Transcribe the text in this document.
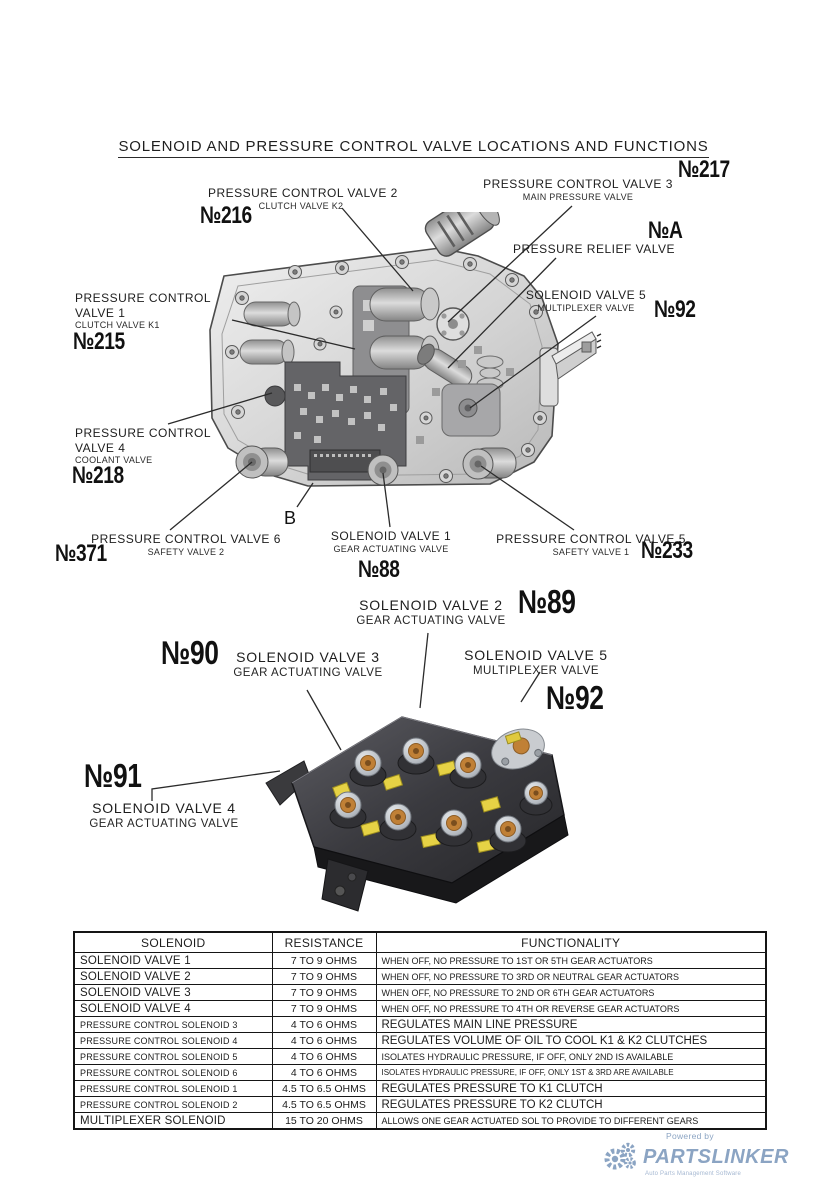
SOLENOID AND PRESSURE CONTROL VALVE LOCATIONS AND FUNCTIONS
PRESSURE CONTROL VALVE 2
CLUTCH VALVE K2
№216
PRESSURE CONTROL VALVE 3
MAIN PRESSURE VALVE
№217
PRESSURE RELIEF VALVE
№A
SOLENOID VALVE 5
MULTIPLEXER VALVE №92
PRESSURE CONTROL
VALVE 1
CLUTCH VALVE K1
№215
PRESSURE CONTROL
VALVE 4
COOLANT VALVE
№218
B
PRESSURE CONTROL VALVE 6
SAFETY VALVE 2
№371
SOLENOID VALVE 1
GEAR ACTUATING VALVE
№88
PRESSURE CONTROL VALVE 5
SAFETY VALVE 1 №233
SOLENOID VALVE 2
GEAR ACTUATING VALVE
№89
№90	SOLENOID VALVE 3
GEAR ACTUATING VALVE
SOLENOID VALVE 5
MULTIPLEXER VALVE
№92
№91
SOLENOID VALVE 4
GEAR ACTUATING VALVE
SOLENOID	RESISTANCE	FUNCTIONALITY
SOLENOID VALVE 1	7 TO 9 OHMS	WHEN OFF, NO PRESSURE TO 1ST OR 5TH GEAR ACTUATORS
SOLENOID VALVE 2	7 TO 9 OHMS	WHEN OFF, NO PRESSURE TO 3RD OR NEUTRAL GEAR ACTUATORS
SOLENOID VALVE 3	7 TO 9 OHMS	WHEN OFF, NO PRESSURE TO 2ND OR 6TH GEAR ACTUATORS
SOLENOID VALVE 4	7 TO 9 OHMS	WHEN OFF, NO PRESSURE TO 4TH OR REVERSE GEAR ACTUATORS
PRESSURE CONTROL SOLENOID 3	4 TO 6 OHMS	REGULATES MAIN LINE PRESSURE
PRESSURE CONTROL SOLENOID 4	4 TO 6 OHMS	REGULATES VOLUME OF OIL TO COOL K1 & K2 CLUTCHES
PRESSURE CONTROL SOLENOID 5	4 TO 6 OHMS	ISOLATES HYDRAULIC PRESSURE, IF OFF, ONLY 2ND IS AVAILABLE
PRESSURE CONTROL SOLENOID 6	4 TO 6 OHMS	ISOLATES HYDRAULIC PRESSURE, IF OFF, ONLY 1ST & 3RD ARE AVAILABLE
PRESSURE CONTROL SOLENOID 1	4.5 TO 6.5 OHMS	REGULATES PRESSURE TO K1 CLUTCH
PRESSURE CONTROL SOLENOID 2	4.5 TO 6.5 OHMS	REGULATES PRESSURE TO K2 CLUTCH
MULTIPLEXER SOLENOID	15 TO 20 OHMS	ALLOWS ONE GEAR ACTUATED SOL TO PROVIDE TO DIFFERENT GEARS
Powered by
PARTSLINKER
Auto Parts Management Software
